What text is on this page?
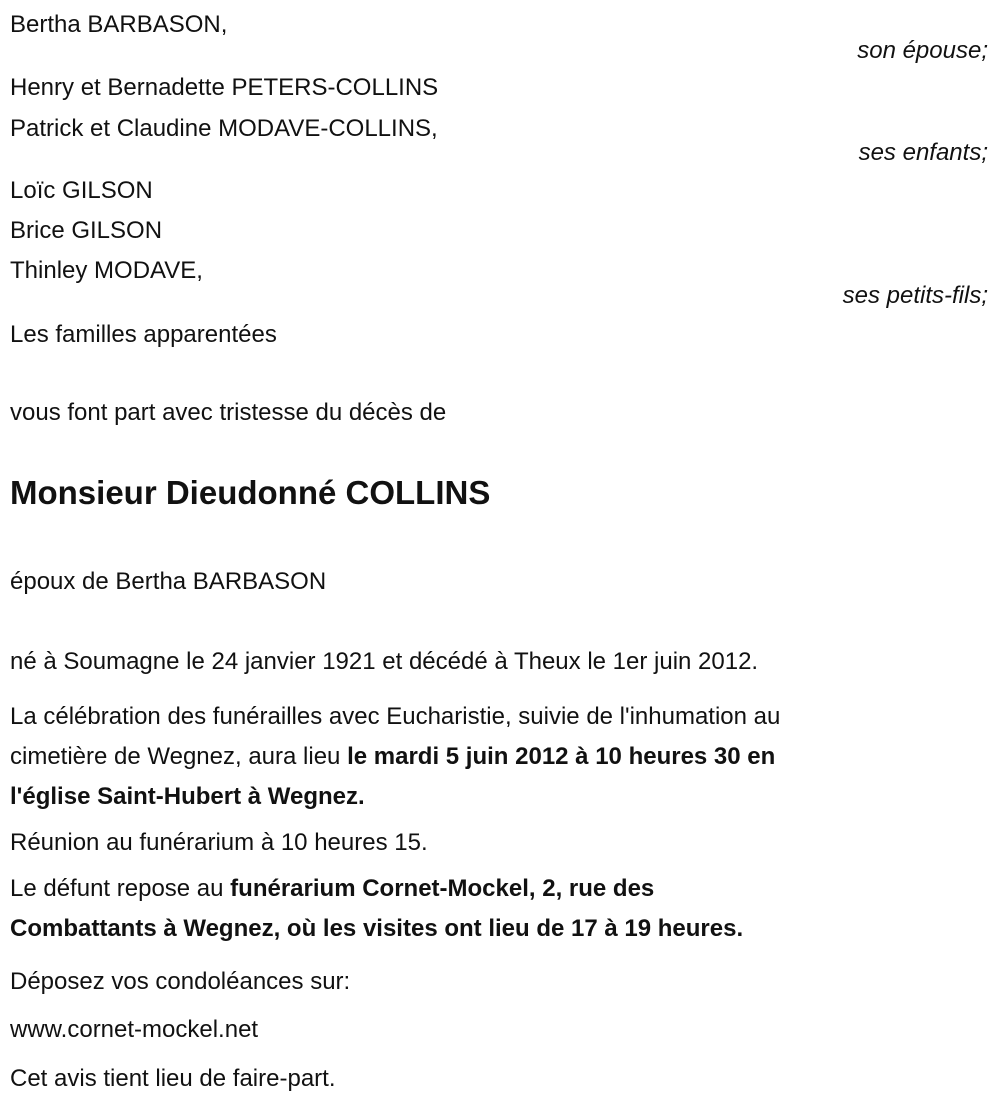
Bertha BARBASON,
son épouse;
Henry et Bernadette PETERS-COLLINS
Patrick et Claudine MODAVE-COLLINS,
ses enfants;
Loïc GILSON
Brice GILSON
Thinley MODAVE,
ses petits-fils;
Les familles apparentées
vous font part avec tristesse du décès de
Monsieur Dieudonné COLLINS
époux de Bertha BARBASON
né à Soumagne le 24 janvier 1921 et décédé à Theux le 1er juin 2012.
La célébration des funérailles avec Eucharistie, suivie de l'inhumation au
cimetière de Wegnez, aura lieu le mardi 5 juin 2012 à 10 heures 30 en
l'église Saint-Hubert à Wegnez.
Réunion au funérarium à 10 heures 15.
Le défunt repose au funérarium Cornet-Mockel, 2, rue des
Combattants à Wegnez, où les visites ont lieu de 17 à 19 heures.
Déposez vos condoléances sur:
www.cornet-mockel.net
Cet avis tient lieu de faire-part.
